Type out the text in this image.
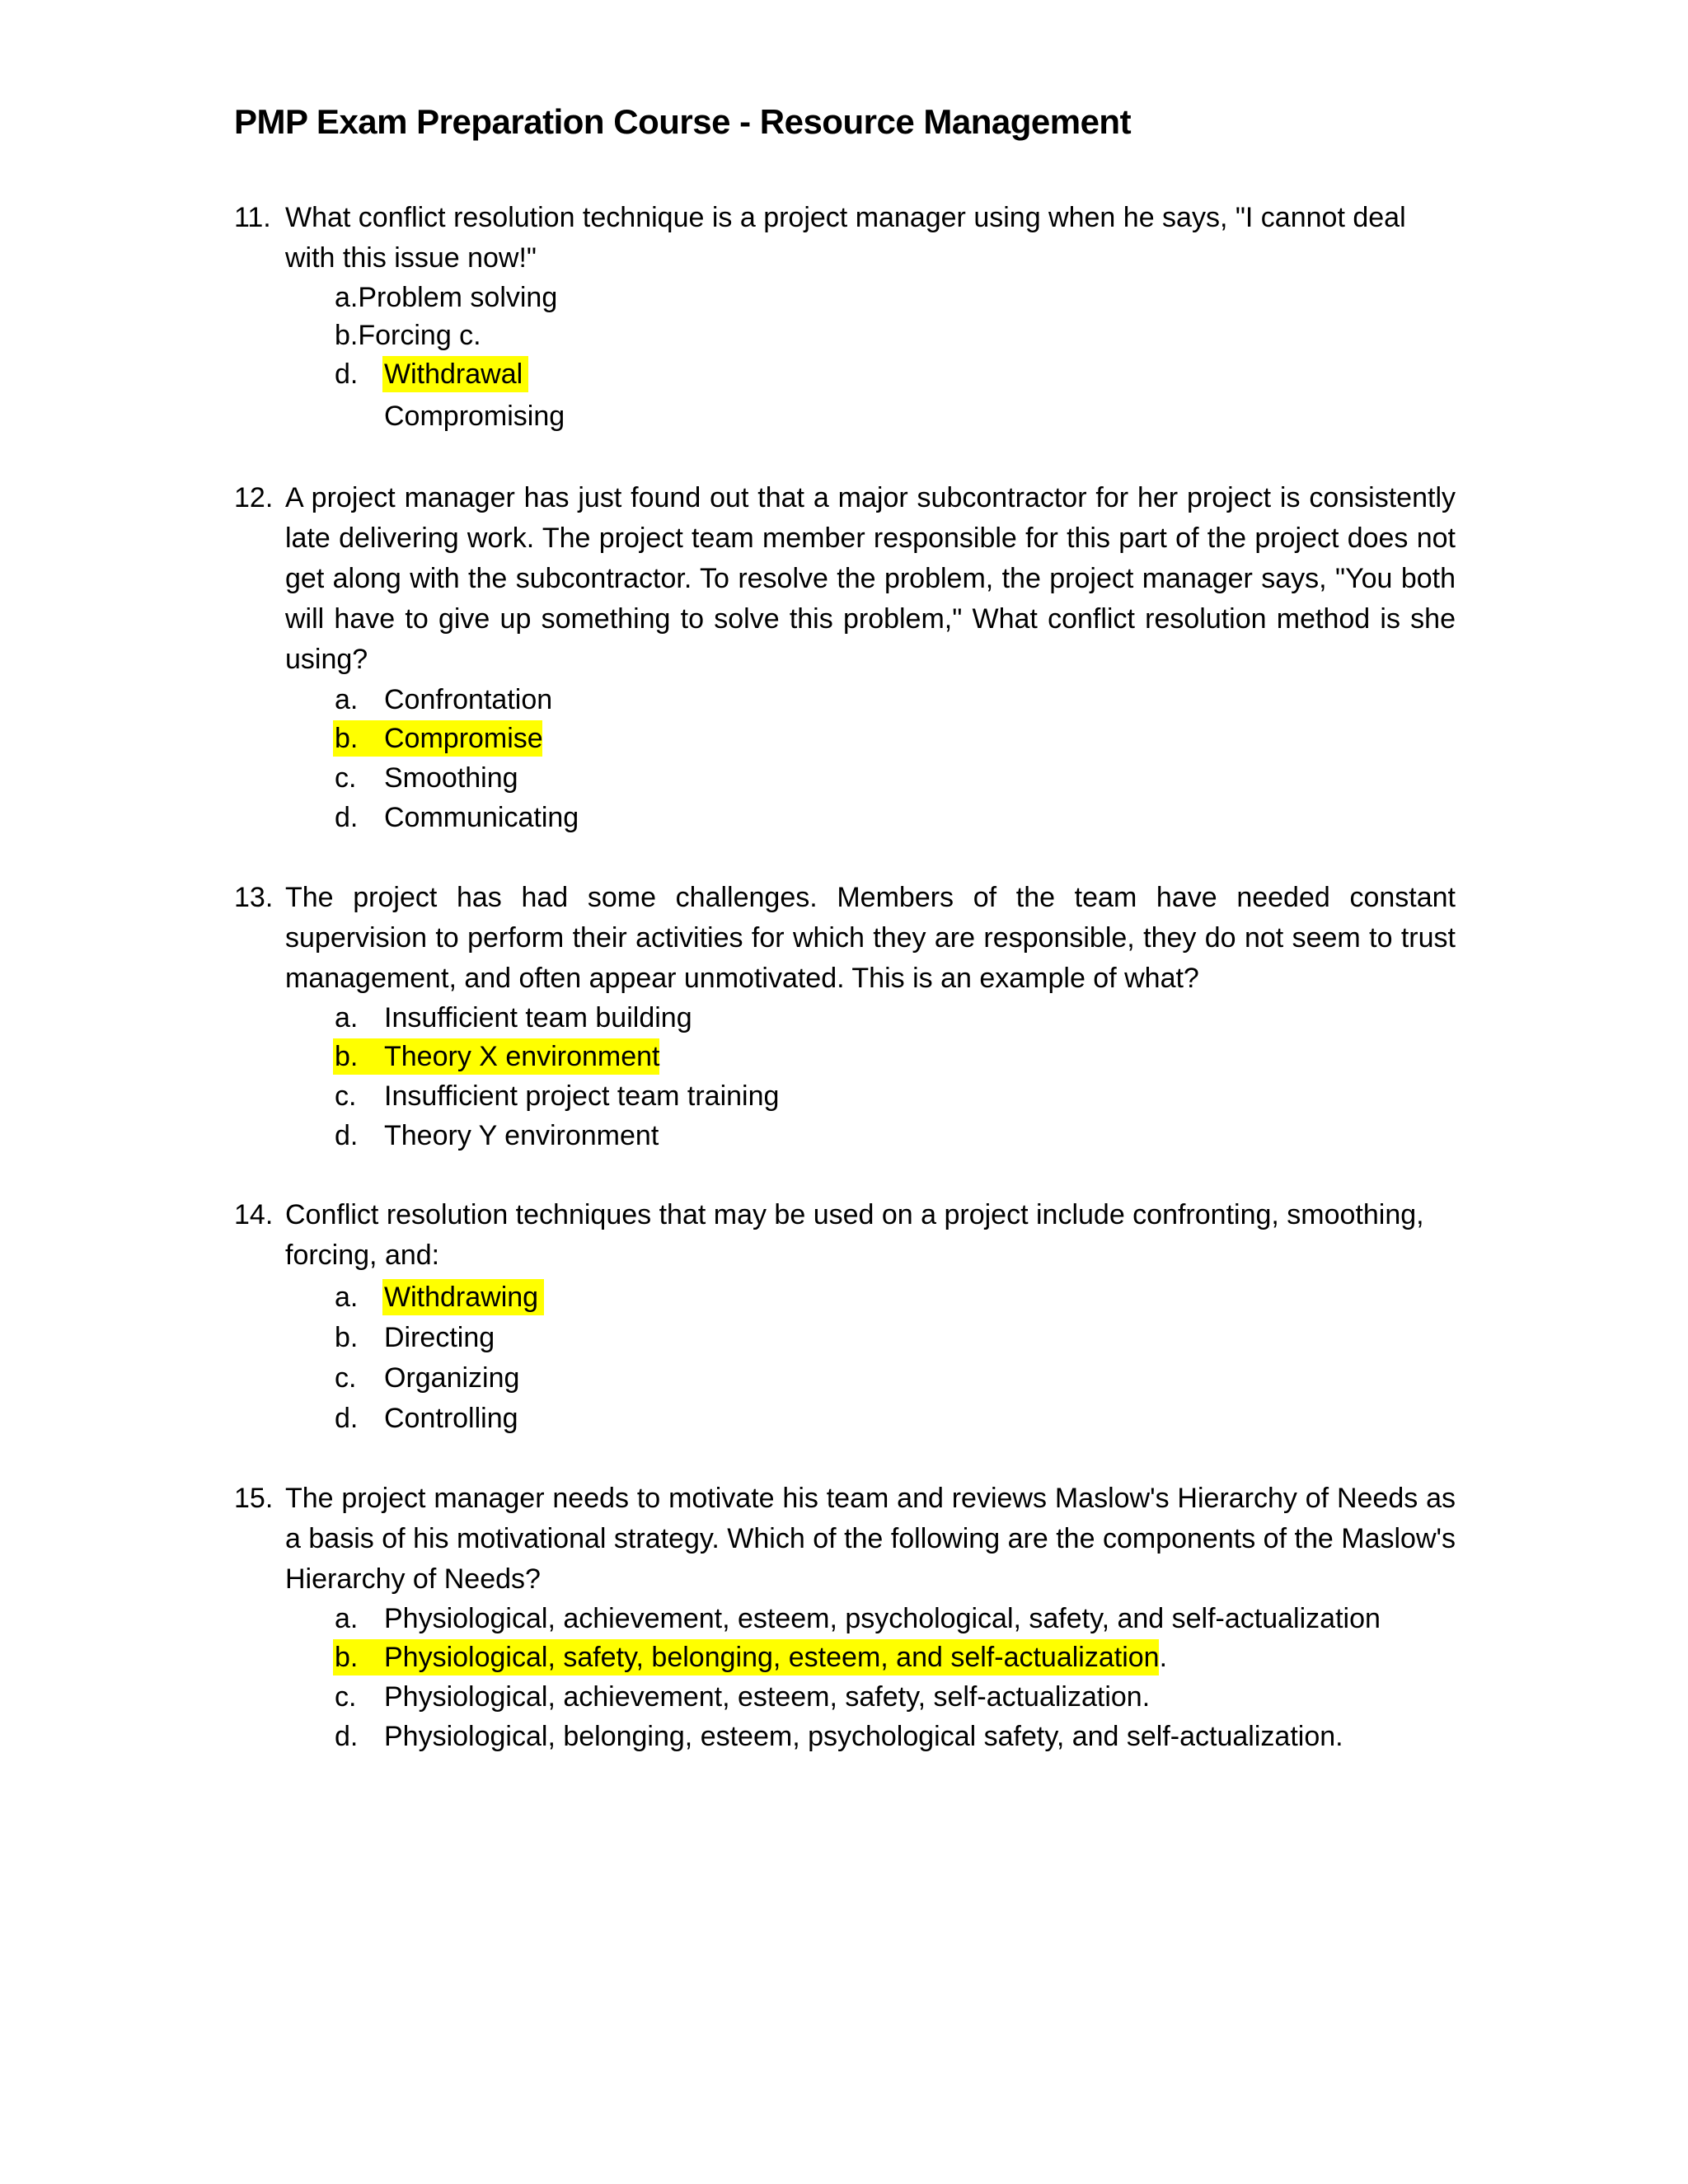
PMP Exam Preparation Course - Resource Management
11. What conflict resolution technique is a project manager using when he says, "I cannot deal
with this issue now!"
a.Problem solving
b.Forcing c.
d. Withdrawal
Compromising
12. A project manager has just found out that a major subcontractor for her project is consistently late delivering work. The project team member responsible for this part of the project does not get along with the subcontractor. To resolve the problem, the project manager says, "You both will have to give up something to solve this problem," What conflict resolution method is she using?
a. Confrontation
b. Compromise
c. Smoothing
d. Communicating
13. The project has had some challenges. Members of the team have needed constant supervision to perform their activities for which they are responsible, they do not seem to trust management, and often appear unmotivated. This is an example of what?
a. Insufficient team building
b. Theory X environment
c. Insufficient project team training
d. Theory Y environment
14. Conflict resolution techniques that may be used on a project include confronting, smoothing,
forcing, and:
a. Withdrawing
b. Directing
c. Organizing
d. Controlling
15. The project manager needs to motivate his team and reviews Maslow's Hierarchy of Needs as a basis of his motivational strategy. Which of the following are the components of the Maslow's Hierarchy of Needs?
a. Physiological, achievement, esteem, psychological, safety, and self-actualization
b. Physiological, safety, belonging, esteem, and self-actualization.
c. Physiological, achievement, esteem, safety, self-actualization.
d. Physiological, belonging, esteem, psychological safety, and self-actualization.
